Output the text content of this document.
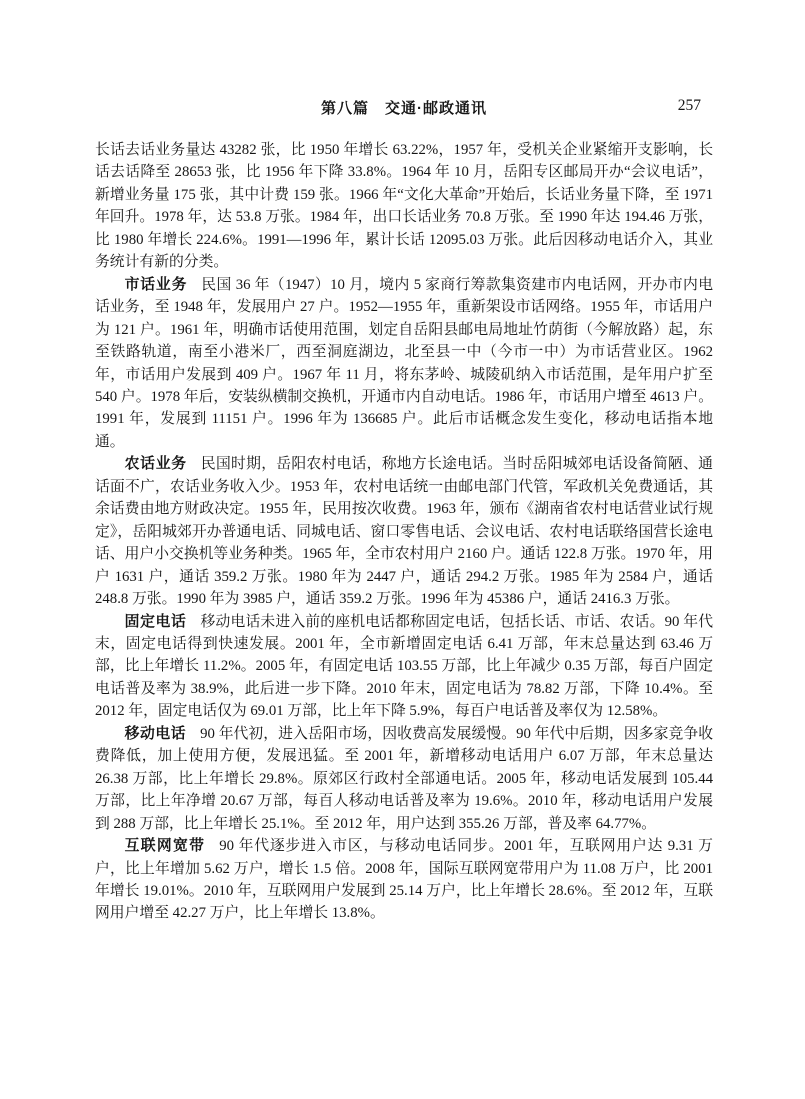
第八篇　交通·邮政通讯	257

长话去话业务量达 43282 张，比 1950 年增长 63.22%，1957 年，受机关企业紧缩开支影响，长话去话降至 28653 张，比 1956 年下降 33.8%。1964 年 10 月，岳阳专区邮局开办“会议电话”，新增业务量 175 张，其中计费 159 张。1966 年“文化大革命”开始后，长话业务量下降，至 1971 年回升。1978 年，达 53.8 万张。1984 年，出口长话业务 70.8 万张。至 1990 年达 194.46 万张，比 1980 年增长 224.6%。1991—1996 年，累计长话 12095.03 万张。此后因移动电话介入，其业务统计有新的分类。

市话业务 民国 36 年（1947）10 月，境内 5 家商行筹款集资建市内电话网，开办市内电话业务，至 1948 年，发展用户 27 户。1952—1955 年，重新架设市话网络。1955 年，市话用户为 121 户。1961 年，明确市话使用范围，划定自岳阳县邮电局地址竹荫街（今解放路）起，东至铁路轨道，南至小港米厂，西至洞庭湖边，北至县一中（今市一中）为市话营业区。1962 年，市话用户发展到 409 户。1967 年 11 月，将东茅岭、城陵矶纳入市话范围，是年用户扩至 540 户。1978 年后，安装纵横制交换机，开通市内自动电话。1986 年，市话用户增至 4613 户。1991 年，发展到 11151 户。1996 年为 136685 户。此后市话概念发生变化，移动电话指本地通。

农话业务 民国时期，岳阳农村电话，称地方长途电话。当时岳阳城郊电话设备简陋、通话面不广，农话业务收入少。1953 年，农村电话统一由邮电部门代管，军政机关免费通话，其余话费由地方财政决定。1955 年，民用按次收费。1963 年，颁布《湖南省农村电话营业试行规定》，岳阳城郊开办普通电话、同城电话、窗口零售电话、会议电话、农村电话联络国营长途电话、用户小交换机等业务种类。1965 年，全市农村用户 2160 户。通话 122.8 万张。1970 年，用户 1631 户，通话 359.2 万张。1980 年为 2447 户，通话 294.2 万张。1985 年为 2584 户，通话 248.8 万张。1990 年为 3985 户，通话 359.2 万张。1996 年为 45386 户，通话 2416.3 万张。

固定电话 移动电话未进入前的座机电话都称固定电话，包括长话、市话、农话。90 年代末，固定电话得到快速发展。2001 年，全市新增固定电话 6.41 万部，年末总量达到 63.46 万部，比上年增长 11.2%。2005 年，有固定电话 103.55 万部，比上年减少 0.35 万部，每百户固定电话普及率为 38.9%，此后进一步下降。2010 年末，固定电话为 78.82 万部，下降 10.4%。至 2012 年，固定电话仅为 69.01 万部，比上年下降 5.9%，每百户电话普及率仅为 12.58%。

移动电话 90 年代初，进入岳阳市场，因收费高发展缓慢。90 年代中后期，因多家竞争收费降低，加上使用方便，发展迅猛。至 2001 年，新增移动电话用户 6.07 万部，年末总量达 26.38 万部，比上年增长 29.8%。原郊区行政村全部通电话。2005 年，移动电话发展到 105.44 万部，比上年净增 20.67 万部，每百人移动电话普及率为 19.6%。2010 年，移动电话用户发展到 288 万部，比上年增长 25.1%。至 2012 年，用户达到 355.26 万部，普及率 64.77%。

互联网宽带 90 年代逐步进入市区，与移动电话同步。2001 年，互联网用户达 9.31 万户，比上年增加 5.62 万户，增长 1.5 倍。2008 年，国际互联网宽带用户为 11.08 万户，比 2001 年增长 19.01%。2010 年，互联网用户发展到 25.14 万户，比上年增长 28.6%。至 2012 年，互联网用户增至 42.27 万户，比上年增长 13.8%。
